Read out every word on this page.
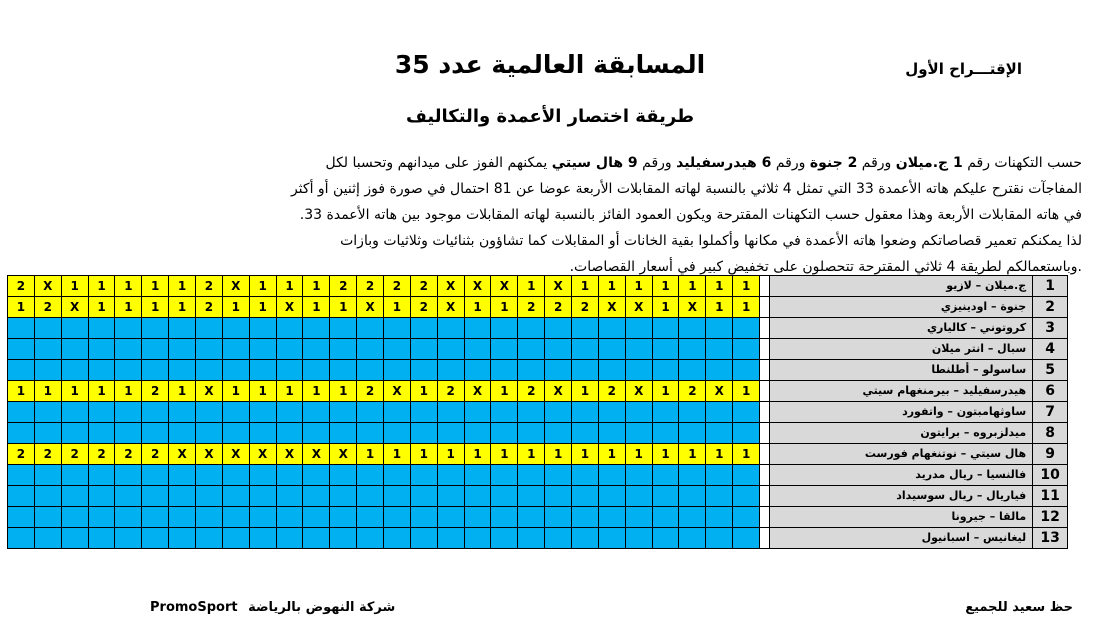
المسابقة العالمية عدد 35	الإقتـــراح الأول
طريقة اختصار الأعمدة والتكاليف
حسب التكهنات رقم 1 ج.ميلان ورقم 2 جنوة ورقم 6 هيدرسفيليد ورقم 9 هال سيتي يمكنهم الفوز على ميدانهم وتحسبا لكل المفاجآت نقترح عليكم هاته الأعمدة 33 التي تمثل 4 ثلاثي بالنسبة لهاته المقابلات الأربعة عوضا عن 81 احتمال في صورة فوز إثنين أو أكثر في هاته المقابلات الأربعة وهذا معقول حسب التكهنات المقترحة ويكون العمود الفائز بالنسبة لهاته المقابلات موجود بين هاته الأعمدة 33. لذا يمكنكم تعمير قصاصاتكم وضعوا هاته الأعمدة في مكانها وأكملوا بقية الخانات أو المقابلات كما تشاؤون بثنائيات وثلاثيات وبازات .وباستعمالكم لطريقة 4 ثلاثي المقترحة تتحصلون على تخفيض كبير في أسعار القصاصات.
2	X	1	1	1	1	1	2	X	1	1	1	2	2	2	2	X	X	X	1	X	1	1	1	1	1	1	1		ج.ميلان – لازيو	1
1	2	X	1	1	1	1	2	1	1	X	1	1	X	1	2	X	1	1	2	2	2	X	X	1	X	1	1		جنوة – اودينيزي	2
																													كروتوني – كالياري	3
																													سبال – انتر ميلان	4
																													ساسولو – أطلنطا	5
1	1	1	1	1	2	1	X	1	1	1	1	1	2	X	1	2	X	1	2	X	1	2	X	1	2	X	1		هيدرسفيليد – بيرمنغهام سيتي	6
																													ساوثهامبتون – واتفورد	7
																													ميدلزبروه – برايتون	8
2	2	2	2	2	2	X	X	X	X	X	X	X	1	1	1	1	1	1	1	1	1	1	1	1	1	1	1		هال سيتي – نوتنغهام فورست	9
																													فالنسيا – ريال مدريد	10
																													فياريال – ريال سوسيداد	11
																													مالقا – جيرونا	12
																													ليغانيس – اسبانيول	13
حظ سعيد للجميع
PromoSport شركة النهوض بالرياضة
